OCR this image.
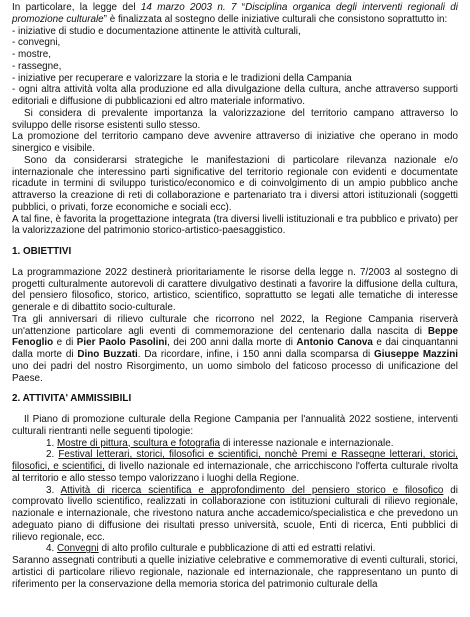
In particolare, la legge del 14 marzo 2003 n. 7 “Disciplina organica degli interventi regionali di promozione culturale” è finalizzata al sostegno delle iniziative culturali che consistono soprattutto in:

- iniziative di studio e documentazione attinente le attività culturali,

- convegni,

- mostre,

- rassegne,

- iniziative per recuperare e valorizzare la storia e le tradizioni della Campania

- ogni altra attività volta alla produzione ed alla divulgazione della cultura, anche attraverso supporti editoriali e diffusione di pubblicazioni ed altro materiale informativo.

Si considera di prevalente importanza la valorizzazione del territorio campano attraverso lo sviluppo delle risorse esistenti sullo stesso.

La promozione del territorio campano deve avvenire attraverso di iniziative che operano in modo sinergico e visibile.

Sono da considerarsi strategiche le manifestazioni di particolare rilevanza nazionale e/o internazionale che interessino parti significative del territorio regionale con evidenti e documentate ricadute in termini di sviluppo turistico/economico e di coinvolgimento di un ampio pubblico anche attraverso la creazione di reti di collaborazione e partenariato tra i diversi attori istituzionali (soggetti pubblici, o privati, forze economiche e sociali ecc).

A tal fine, è favorita la progettazione integrata (tra diversi livelli istituzionali e tra pubblico e privato) per la valorizzazione del patrimonio storico-artistico-paesaggistico.

1. OBIETTIVI

La programmazione 2022 destinerà prioritariamente le risorse della legge n. 7/2003 al sostegno di progetti culturalmente autorevoli di carattere divulgativo destinati a favorire la diffusione della cultura, del pensiero filosofico, storico, artistico, scientifico, soprattutto se legati alle tematiche di interesse generale e di dibattito socio-culturale.

Tra gli anniversari di rilievo culturale che ricorrono nel 2022, la Regione Campania riserverà un'attenzione particolare agli eventi di commemorazione del centenario dalla nascita di Beppe Fenoglio e di Pier Paolo Pasolini, dei 200 anni dalla morte di Antonio Canova e dai cinquantanni dalla morte di Dino Buzzati. Da ricordare, infine, i 150 anni dalla scomparsa di Giuseppe Mazzini uno dei padri del nostro Risorgimento, un uomo simbolo del faticoso processo di unificazione del Paese.

2. ATTIVITA' AMMISSIBILI

Il Piano di promozione culturale della Regione Campania per l'annualità 2022 sostiene, interventi culturali rientranti nelle seguenti tipologie:

1. Mostre di pittura, scultura e fotografia di interesse nazionale e internazionale.

2. Festival letterari, storici, filosofici e scientifici, nonchè Premi e Rassegne letterari, storici, filosofici, e scientifici, di livello nazionale ed internazionale, che arricchiscono l'offerta culturale rivolta al territorio e allo stesso tempo valorizzano i luoghi della Regione.

3. Attività di ricerca scientifica e approfondimento del pensiero storico e filosofico di comprovato livello scientifico, realizzati in collaborazione con istituzioni culturali di rilievo regionale, nazionale e internazionale, che rivestono natura anche accademico/specialistica e che prevedono un adeguato piano di diffusione dei risultati presso università, scuole, Enti di ricerca, Enti pubblici di rilievo regionale, ecc.

4. Convegni di alto profilo culturale e pubblicazione di atti ed estratti relativi.

Saranno assegnati contributi a quelle iniziative celebrative e commemorative di eventi culturali, storici, artistici di particolare rilievo regionale, nazionale ed internazionale, che rappresentano un punto di riferimento per la conservazione della memoria storica del patrimonio culturale della
